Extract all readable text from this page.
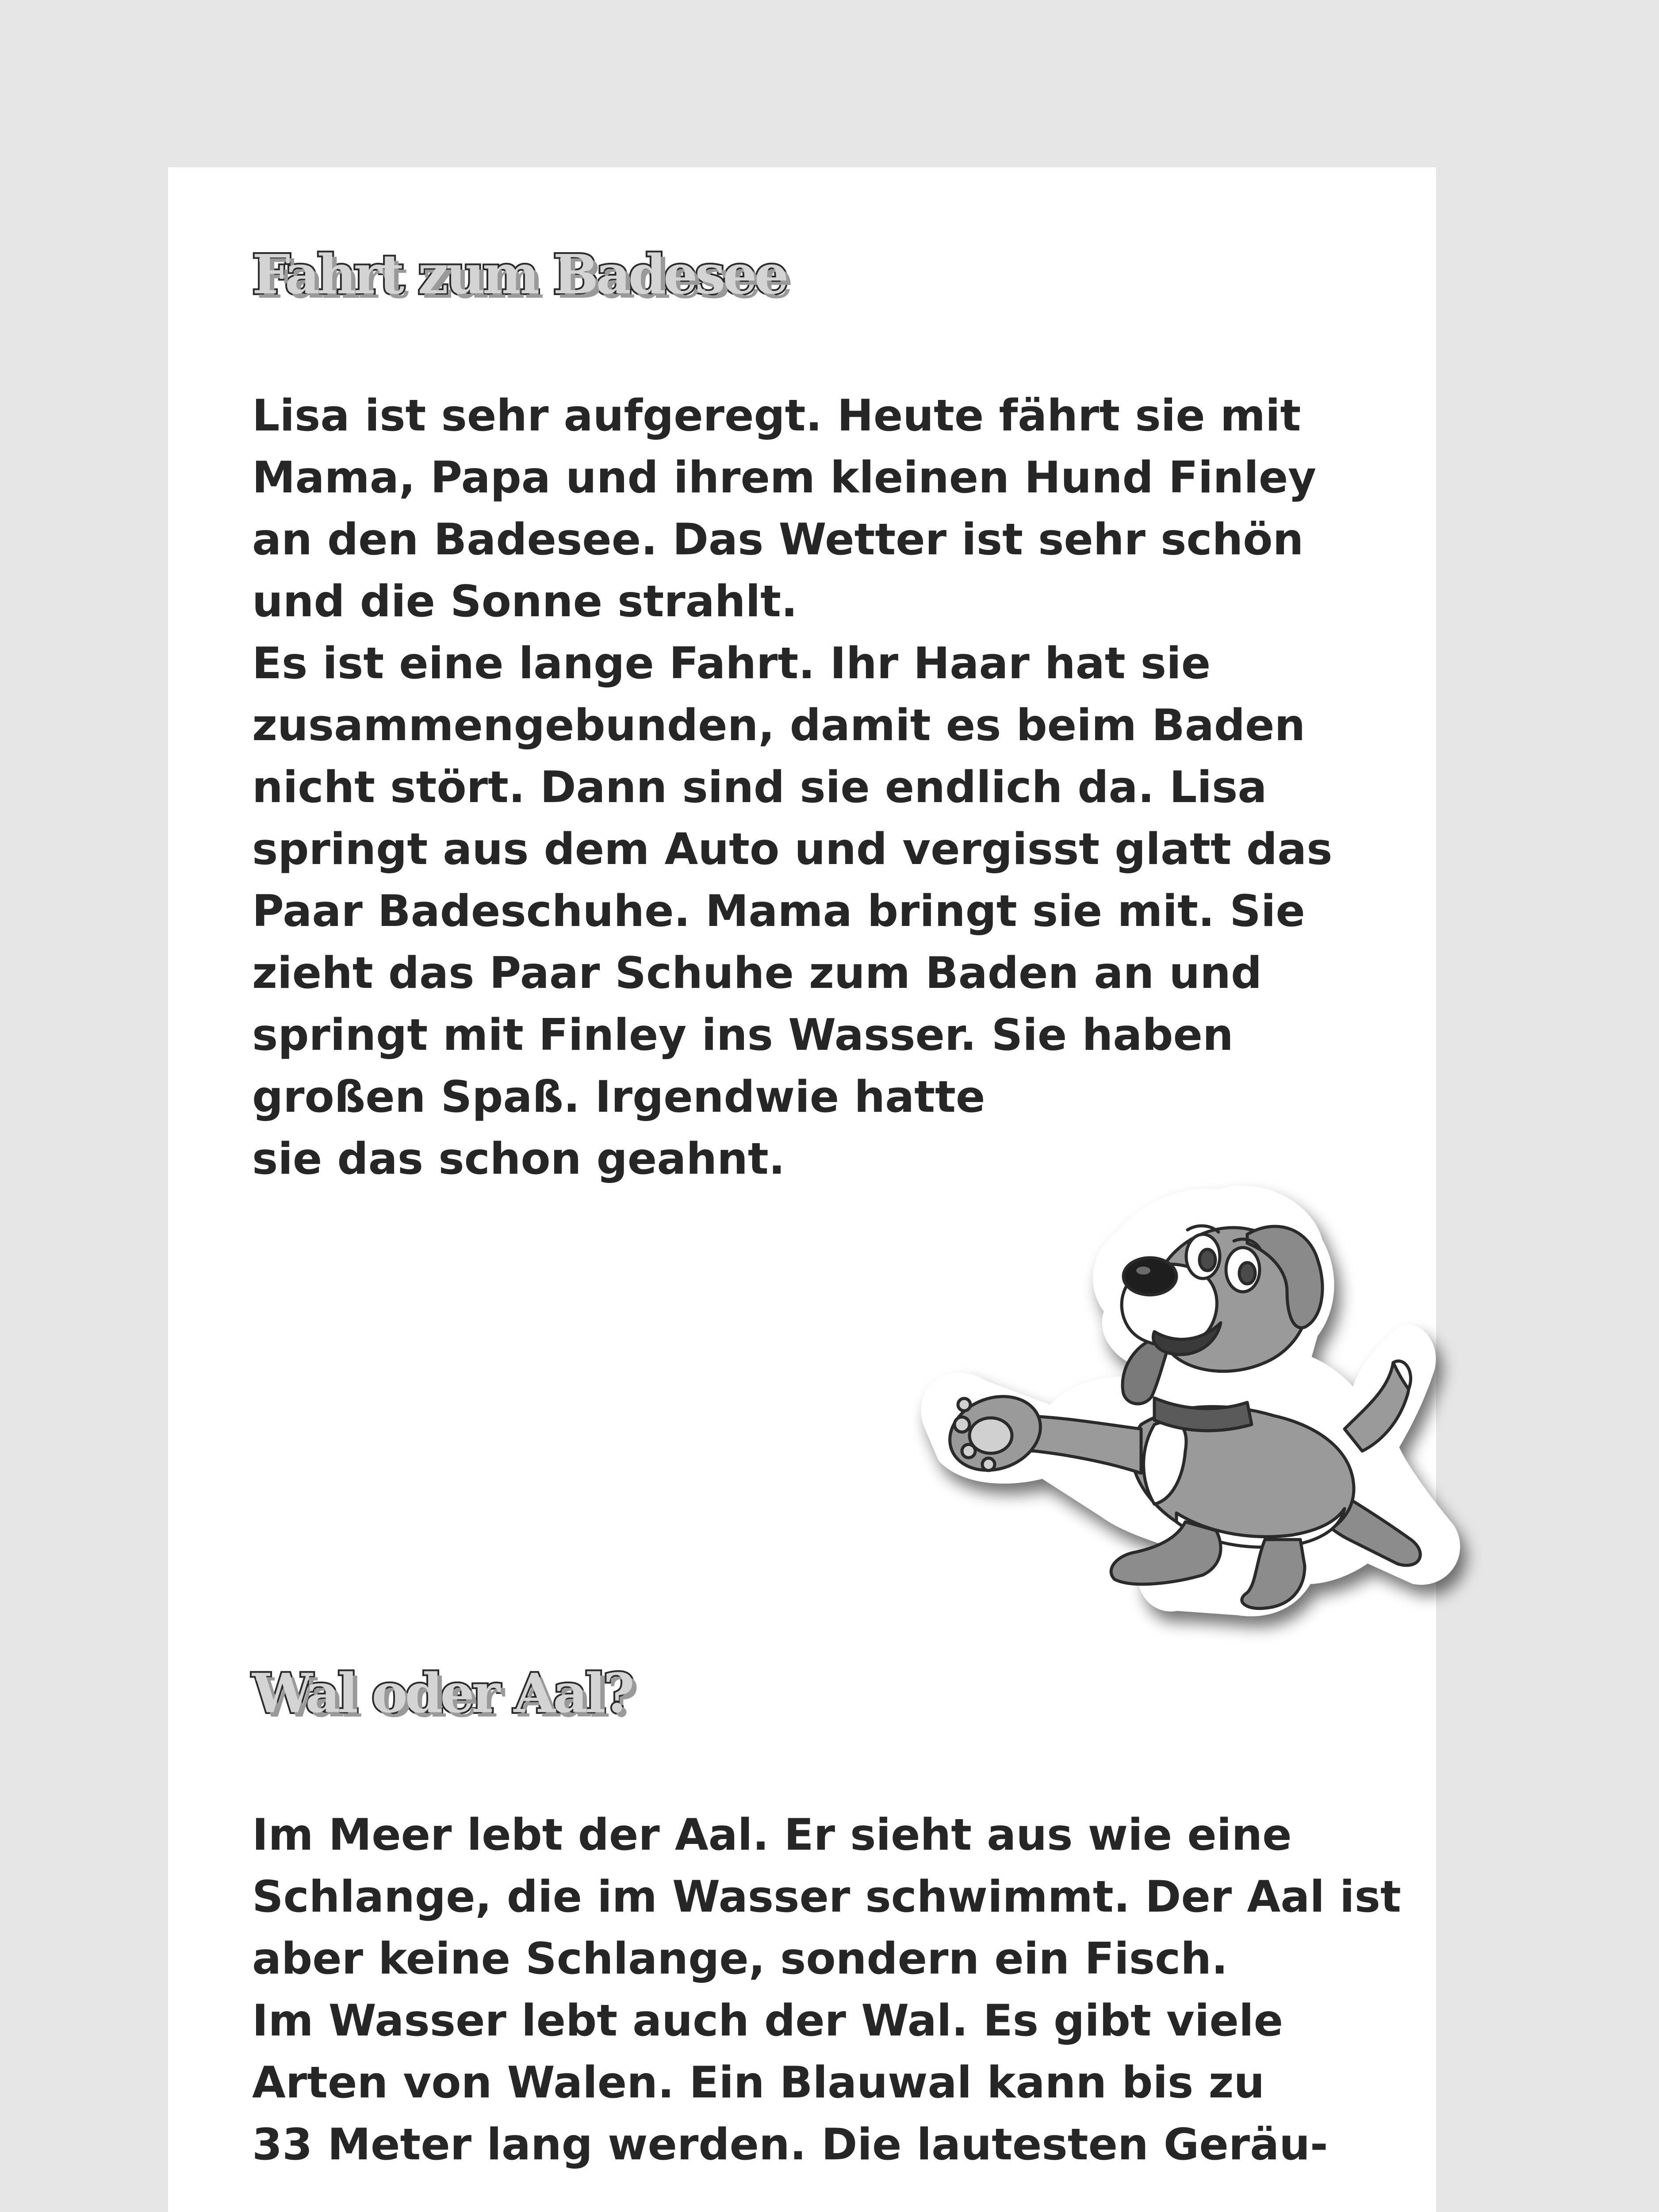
Fahrt zum Badesee
Lisa ist sehr aufgeregt. Heute fährt sie mit
Mama, Papa und ihrem kleinen Hund Finley
an den Badesee. Das Wetter ist sehr schön
und die Sonne strahlt.
Es ist eine lange Fahrt. Ihr Haar hat sie
zusammengebunden, damit es beim Baden
nicht stört. Dann sind sie endlich da. Lisa
springt aus dem Auto und vergisst glatt das
Paar Badeschuhe. Mama bringt sie mit. Sie
zieht das Paar Schuhe zum Baden an und
springt mit Finley ins Wasser. Sie haben
großen Spaß. Irgendwie hatte
sie das schon geahnt.
Wal oder Aal?
Im Meer lebt der Aal. Er sieht aus wie eine
Schlange, die im Wasser schwimmt. Der Aal ist
aber keine Schlange, sondern ein Fisch.
Im Wasser lebt auch der Wal. Es gibt viele
Arten von Walen. Ein Blauwal kann bis zu
33 Meter lang werden. Die lautesten Geräu-
